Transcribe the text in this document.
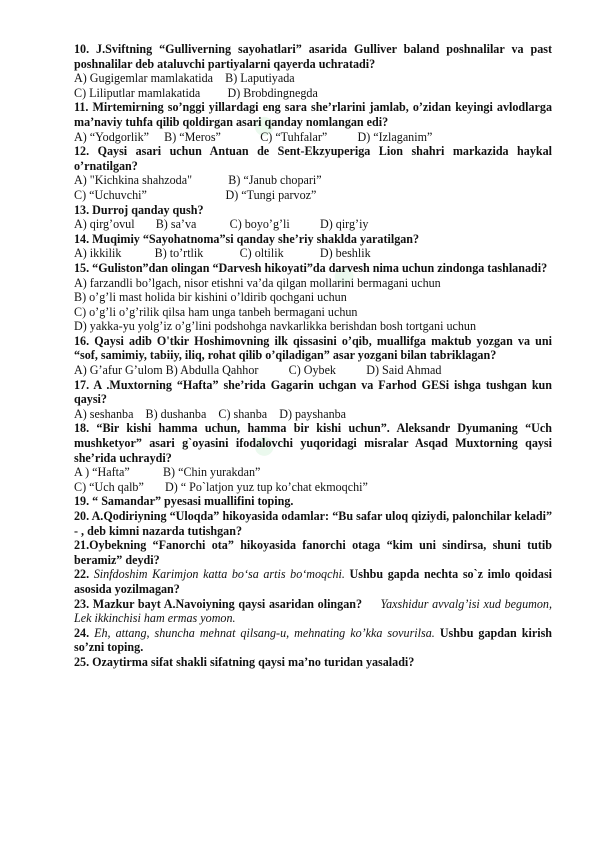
●
●
●
10. J.Sviftning “Gulliverning sayohatlari” asarida Gulliver baland poshnalilar va past poshnalilar deb ataluvchi partiyalarni qayerda uchratadi?
A) Gugigemlar mamlakatida    B) Laputiyada
C) Liliputlar mamlakatida         D) Brobdingnegda
11. Mirtemirning so’nggi yillardagi eng sara she’rlarini jamlab, o’zidan keyingi avlodlarga ma’naviy tuhfa qilib qoldirgan asari qanday nomlangan edi?
A) “Yodgorlik”     B) “Meros”             C) “Tuhfalar”          D) “Izlaganim”
12. Qaysi asari uchun Antuan de Sent-Ekzyuperiga Lion shahri markazida haykal o’rnatilgan?
A) "Kichkina shahzoda"            B) “Janub chopari”
C) “Uchuvchi”                          D) “Tungi parvoz”
13. Durroj qanday qush?
A) qirg’ovul       B) sa’va           C) boyo’g’li          D) qirg’iy
14. Muqimiy “Sayohatnoma”si qanday she’riy shaklda yaratilgan?
A) ikkilik           B) to’rtlik            C) oltilik            D) beshlik
15. “Guliston”dan olingan “Darvesh hikoyati”da darvesh nima uchun zindonga tashlanadi?
A) farzandli bo’lgach, nisor etishni va’da qilgan mollarini bermagani uchun
B) o’g’li mast holida bir kishini o’ldirib qochgani uchun
C) o’g’li o’g’rilik qilsa ham unga tanbeh bermagani uchun
D) yakka-yu yolg’iz o’g’lini podshohga navkarlikka berishdan bosh tortgani uchun
16. Qaysi adib O'tkir Hoshimovning ilk qissasini o’qib, muallifga maktub yozgan va uni “sof, samimiy, tabiiy, iliq, rohat qilib o’qiladigan” asar yozgani bilan tabriklagan?
A) G’afur G’ulom B) Abdulla Qahhor          C) Oybek          D) Said Ahmad
17. A .Muxtorning “Hafta” she’rida Gagarin uchgan va Farhod GESi ishga tushgan kun qaysi?
A) seshanba    B) dushanba    C) shanba    D) payshanba
18. “Bir kishi hamma uchun, hamma bir kishi uchun”. Aleksandr Dyumaning “Uch mushketyor” asari g`oyasini ifodalovchi yuqoridagi misralar Asqad Muxtorning qaysi she’rida uchraydi?
A ) “Hafta”           B) “Chin yurakdan”
C) “Uch qalb”       D) “ Po`latjon yuz tup ko’chat ekmoqchi”
19. “ Samandar” pyesasi muallifini toping.
20. A.Qodiriyning “Uloqda” hikoyasida odamlar: “Bu safar uloq qiziydi, palonchilar keladi” - , deb kimni nazarda tutishgan?
21.Oybekning “Fanorchi ota” hikoyasida fanorchi otaga “kim uni sindirsa, shuni tutib beramiz” deydi?
22. Sinfdoshim Karimjon katta bo‘sa artis bo‘moqchi. Ushbu gapda nechta so`z imlo qoidasi asosida yozilmagan?
23. Mazkur bayt A.Navoiyning qaysi asaridan olingan? Yaxshidur avvalg’isi xud begumon, Lek ikkinchisi ham ermas yomon.
24. Eh, attang, shuncha mehnat qilsang-u, mehnating ko’kka sovurilsa. Ushbu gapdan kirish so’zni toping.
25. Ozaytirma sifat shakli sifatning qaysi ma’no turidan yasaladi?
